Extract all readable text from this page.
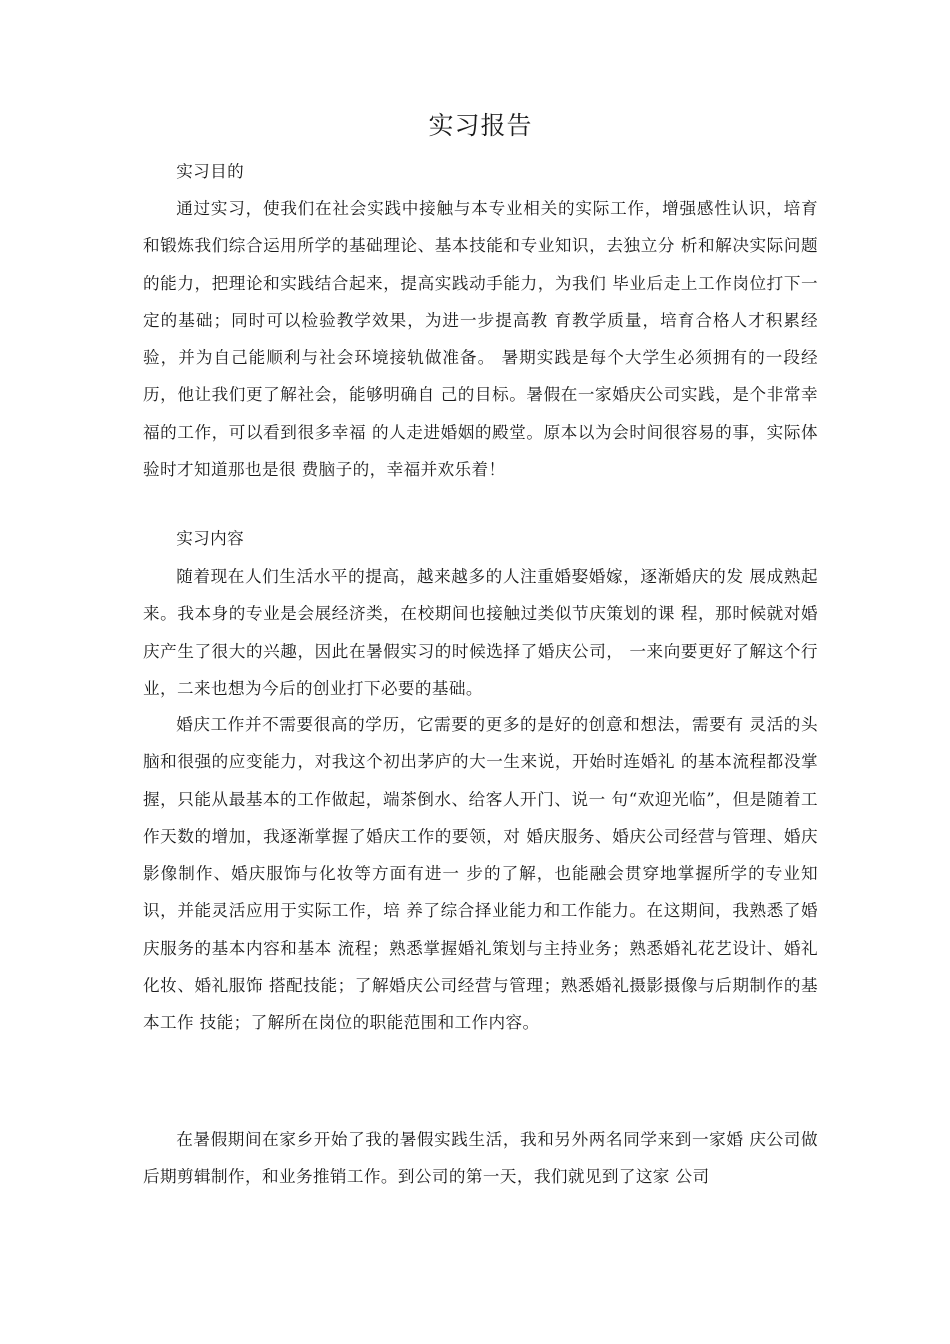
实习报告

实习目的

通过实习，使我们在社会实践中接触与本专业相关的实际工作，增强感性认识，培育和锻炼我们综合运用所学的基础理论、基本技能和专业知识，去独立分 析和解决实际问题的能力，把理论和实践结合起来，提高实践动手能力，为我们 毕业后走上工作岗位打下一定的基础；同时可以检验教学效果，为进一步提高教 育教学质量，培育合格人才积累经验，并为自己能顺利与社会环境接轨做准备。 暑期实践是每个大学生必须拥有的一段经历，他让我们更了解社会，能够明确自 己的目标。暑假在一家婚庆公司实践，是个非常幸福的工作，可以看到很多幸福 的人走进婚姻的殿堂。原本以为会时间很容易的事，实际体验时才知道那也是很 费脑子的，幸福并欢乐着！

实习内容

随着现在人们生活水平的提高，越来越多的人注重婚娶婚嫁，逐渐婚庆的发 展成熟起来。我本身的专业是会展经济类，在校期间也接触过类似节庆策划的课 程，那时候就对婚庆产生了很大的兴趣，因此在暑假实习的时候选择了婚庆公司， 一来向要更好了解这个行业，二来也想为今后的创业打下必要的基础。

婚庆工作并不需要很高的学历，它需要的更多的是好的创意和想法，需要有 灵活的头脑和很强的应变能力，对我这个初出茅庐的大一生来说，开始时连婚礼 的基本流程都没掌握，只能从最基本的工作做起，端茶倒水、给客人开门、说一 句“欢迎光临”，但是随着工作天数的增加，我逐渐掌握了婚庆工作的要领，对 婚庆服务、婚庆公司经营与管理、婚庆影像制作、婚庆服饰与化妆等方面有进一 步的了解，也能融会贯穿地掌握所学的专业知识，并能灵活应用于实际工作，培 养了综合择业能力和工作能力。在这期间，我熟悉了婚庆服务的基本内容和基本 流程；熟悉掌握婚礼策划与主持业务；熟悉婚礼花艺设计、婚礼化妆、婚礼服饰 搭配技能；了解婚庆公司经营与管理；熟悉婚礼摄影摄像与后期制作的基本工作 技能；了解所在岗位的职能范围和工作内容。

在暑假期间在家乡开始了我的暑假实践生活，我和另外两名同学来到一家婚 庆公司做后期剪辑制作，和业务推销工作。到公司的第一天，我们就见到了这家 公司
